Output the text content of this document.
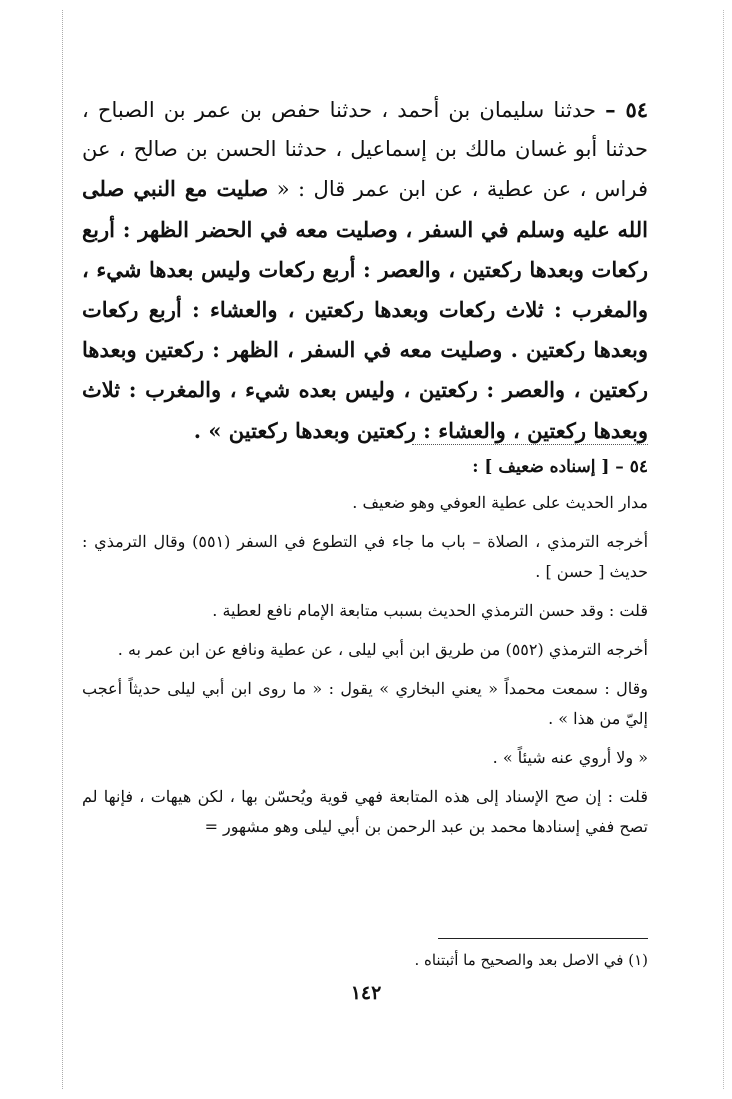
٥٤ – حدثنا سليمان بن أحمد ، حدثنا حفص بن عمر بن الصباح ، حدثنا أبو غسان مالك بن إسماعيل ، حدثنا الحسن بن صالح ، عن فراس ، عن عطية ، عن ابن عمر قال : « صليت مع النبي صلى الله عليه وسلم في السفر ، وصليت معه في الحضر الظهر : أربع ركعات وبعدها ركعتين ، والعصر : أربع ركعات وليس بعدها شيء ، والمغرب : ثلاث ركعات وبعدها ركعتين ، والعشاء : أربع ركعات وبعدها ركعتين . وصليت معه في السفر ، الظهر : ركعتين وبعدها ركعتين ، والعصر : ركعتين ، وليس بعده شيء ، والمغرب : ثلاث وبعدها ركعتين ، والعشاء : ركعتين وبعدها ركعتين » .

٥٤ – [ إسناده ضعيف ] :

مدار الحديث على عطية العوفي وهو ضعيف .

أخرجه الترمذي ، الصلاة – باب ما جاء في التطوع في السفر (٥٥١) وقال الترمذي : حديث [ حسن ] .

قلت : وقد حسن الترمذي الحديث بسبب متابعة الإمام نافع لعطية .

أخرجه الترمذي (٥٥٢) من طريق ابن أبي ليلى ، عن عطية ونافع عن ابن عمر به .

وقال : سمعت محمداً « يعني البخاري » يقول : « ما روى ابن أبي ليلى حديثاً أعجب إليّ من هذا » .

« ولا أروي عنه شيئاً » .

قلت : إن صح الإسناد إلى هذه المتابعة فهي قوية ويُحسّن بها ، لكن هيهات ، فإنها لم تصح ففي إسنادها محمد بن عبد الرحمن بن أبي ليلى وهو مشهور =

(١) في الاصل بعد والصحيح ما أثبتناه .
١٤٢
